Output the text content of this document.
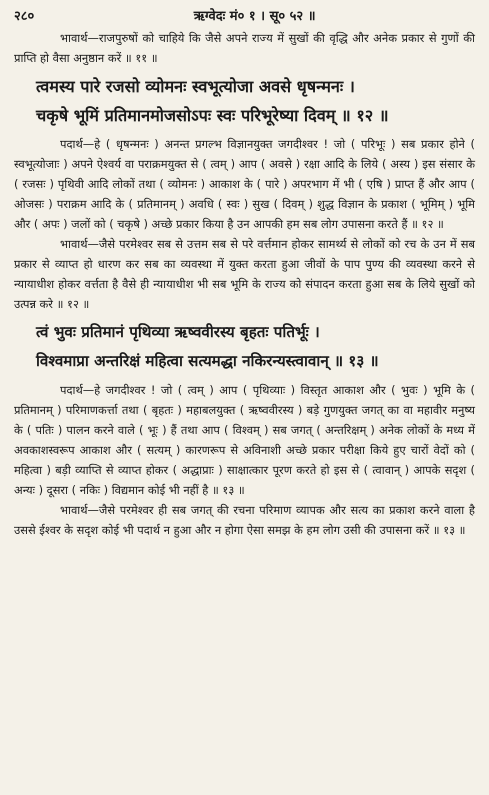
२८०	ऋग्वेदः मं० १ । सू० ५२ ॥

भावार्थ—राजपुरुषों को चाहिये कि जैसे अपने राज्य में सुखों की वृद्धि और अनेक प्रकार से गुणों की प्राप्ति हो वैसा अनुष्ठान करें ॥ ११ ॥

त्वमस्य पारे रजसो व्योमनः स्वभूत्योजा अवसे धृषन्मनः ।

चकृषे भूमिं प्रतिमानमोजसोऽपः स्वः परिभूरेष्या दिवम् ॥ १२ ॥

पदार्थ—हे ( धृषन्मनः ) अनन्त प्रगल्भ विज्ञानयुक्त जगदीश्वर ! जो ( परिभूः ) सब प्रकार होने ( स्वभूत्योजाः ) अपने ऐश्वर्य वा पराक्रमयुक्त से ( त्वम् ) आप ( अवसे ) रक्षा आदि के लिये ( अस्य ) इस संसार के ( रजसः ) पृथिवी आदि लोकों तथा ( व्योमनः ) आकाश के ( पारे ) अपरभाग में भी ( एषि ) प्राप्त हैं और आप ( ओजसः ) पराक्रम आदि के ( प्रतिमानम् ) अवधि ( स्वः ) सुख ( दिवम् ) शुद्ध विज्ञान के प्रकाश ( भूमिम् ) भूमि और ( अपः ) जलों को ( चकृषे ) अच्छे प्रकार किया है उन आपकी हम सब लोग उपासना करते हैं ॥ १२ ॥

भावार्थ—जैसे परमेश्वर सब से उत्तम सब से परे वर्त्तमान होकर सामर्थ्य से लोकों को रच के उन में सब प्रकार से व्याप्त हो धारण कर सब का व्यवस्था में युक्त करता हुआ जीवों के पाप पुण्य की व्यवस्था करने से न्यायाधीश होकर वर्त्तता है वैसे ही न्यायाधीश भी सब भूमि के राज्य को संपादन करता हुआ सब के लिये सुखों को उत्पन्न करे ॥ १२ ॥

त्वं भुवः प्रतिमानं पृथिव्या ऋष्ववीरस्य बृहतः पतिर्भूः ।

विश्वमाप्रा अन्तरिक्षं महित्वा सत्यमद्धा नकिरन्यस्त्वावान् ॥ १३ ॥

पदार्थ—हे जगदीश्वर ! जो ( त्वम् ) आप ( पृथिव्याः ) विस्तृत आकाश और ( भुवः ) भूमि के ( प्रतिमानम् ) परिमाणकर्त्ता तथा ( बृहतः ) महाबलयुक्त ( ऋष्ववीरस्य ) बड़े गुणयुक्त जगत् का वा महावीर मनुष्य के ( पतिः ) पालन करने वाले ( भूः ) हैं तथा आप ( विश्वम् ) सब जगत् ( अन्तरिक्षम् ) अनेक लोकों के मध्य में अवकाशस्वरूप आकाश और ( सत्यम् ) कारणरूप से अविनाशी अच्छे प्रकार परीक्षा किये हुए चारों वेदों को ( महित्वा ) बड़ी व्याप्ति से व्याप्त होकर ( अद्धाप्राः ) साक्षात्कार पूरण करते हो इस से ( त्वावान् ) आपके सदृश ( अन्यः ) दूसरा ( नकिः ) विद्यमान कोई भी नहीं है ॥ १३ ॥

भावार्थ—जैसे परमेश्वर ही सब जगत् की रचना परिमाण व्यापक और सत्य का प्रकाश करने वाला है उससे ईश्वर के सदृश कोई भी पदार्थ न हुआ और न होगा ऐसा समझ के हम लोग उसी की उपासना करें ॥ १३ ॥
